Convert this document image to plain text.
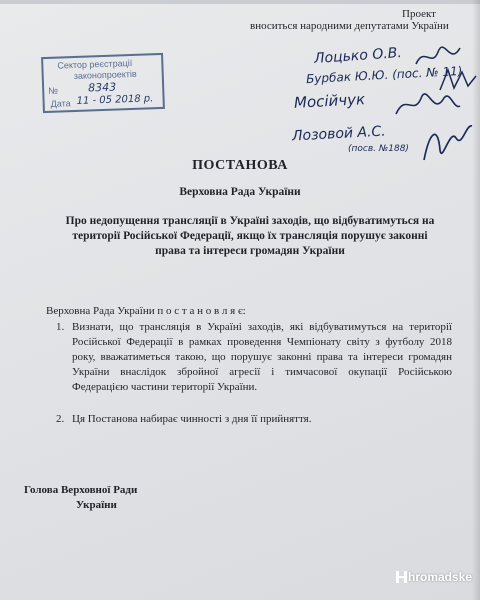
Проект
вноситься народними депутатами України
Сектор реєстрації
законопроектів
№	8343
Дата 11 - 05 2018 р.
Лоцько О.В.
Бурбак Ю.Ю. (пос. № 11)
Мосійчук
Лозовой А.С.
(посв. №188)
ПОСТАНОВА
Верховна Рада України
Про недопущення трансляції в Україні заходів, що відбуватимуться на території Російської Федерації, якщо їх трансляція порушує законні права та інтереси громадян України
Верховна Рада України п о с т а н о в л я є:
1. Визнати, що трансляція в Україні заходів, які відбуватимуться на території Російської Федерації в рамках проведення Чемпіонату світу з футболу 2018 року, вважатиметься такою, що порушує законні права та інтереси громадян України внаслідок збройної агресії і тимчасової окупації Російською Федерацією частини території України.
2. Ця Постанова набирає чинності з дня її прийняття.
Голова Верховної Ради
України
hromadske
